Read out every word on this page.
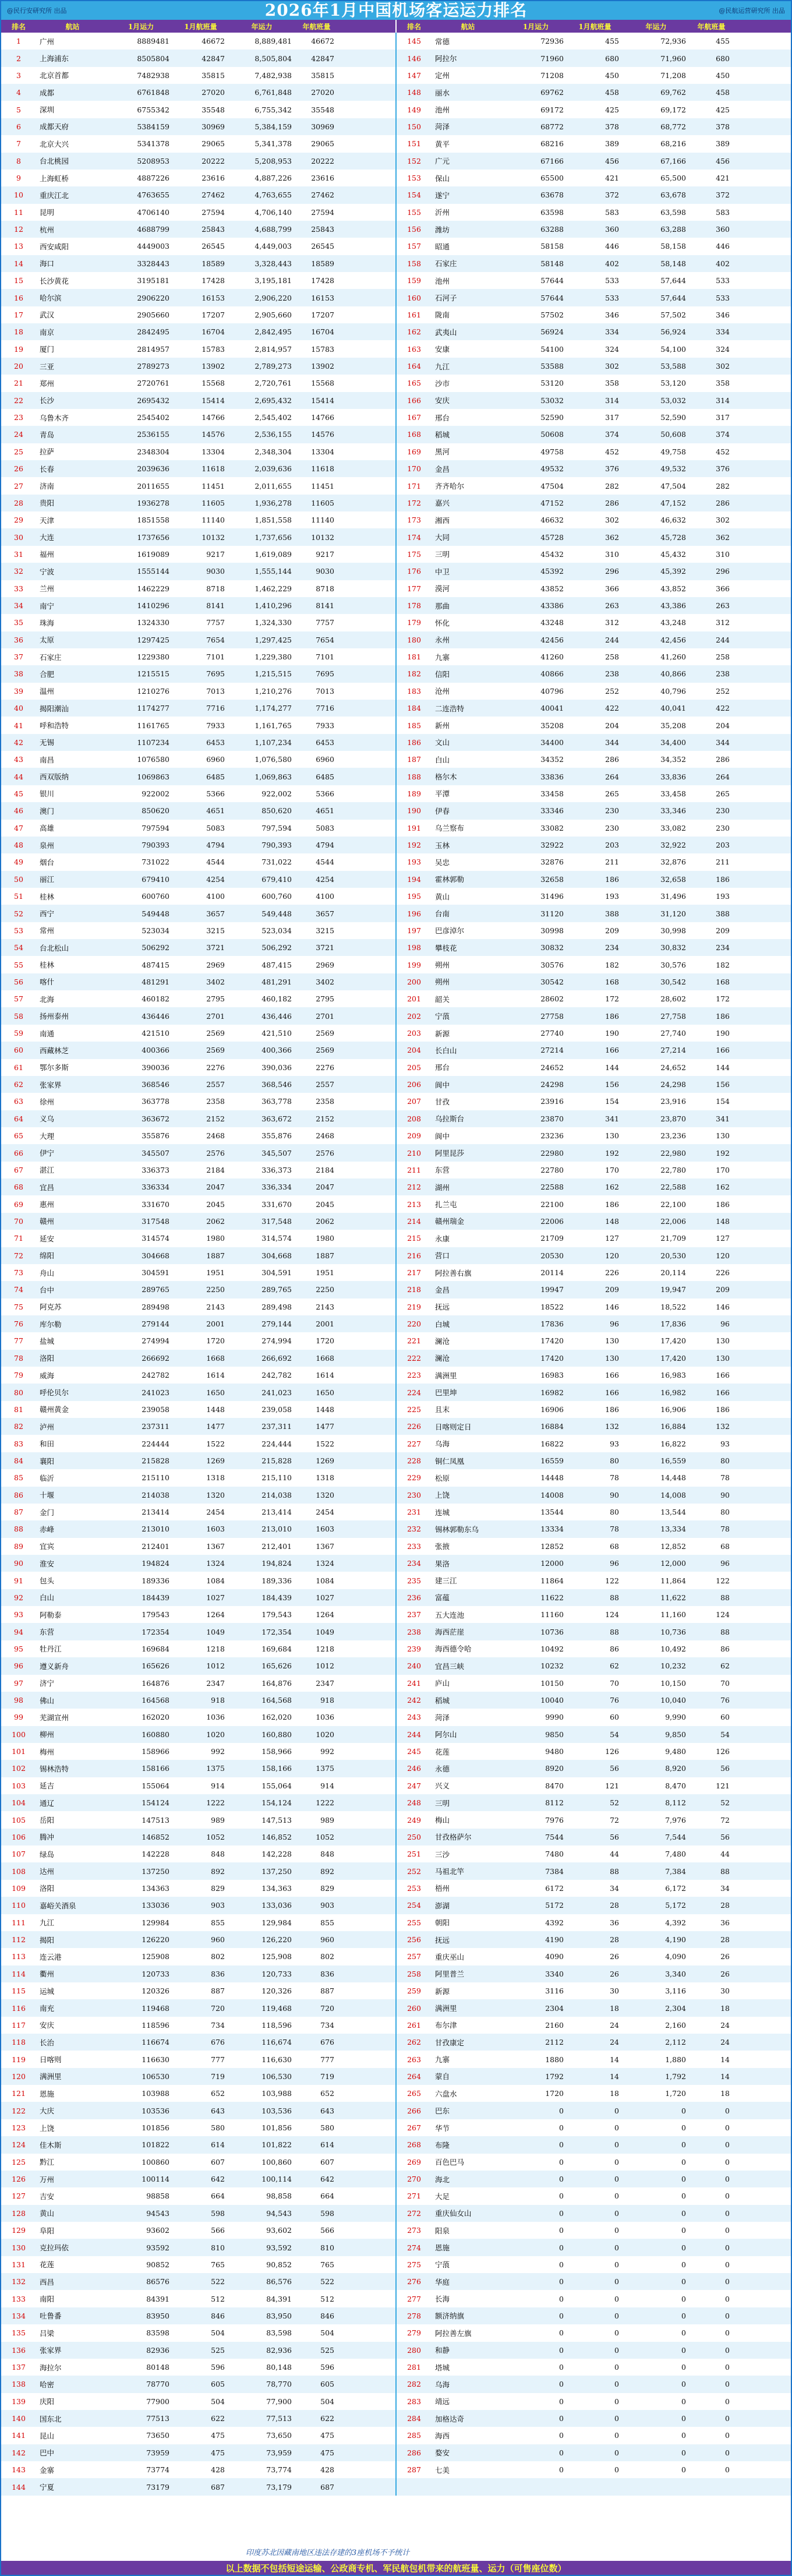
@民行安研究所 出品	2026年1月中国机场客运运力排名	@民航运营研究所 出品
排名	航站	1月运力	1月航班量	年运力	年航班量	排名	航站	1月运力	1月航班量	年运力	年航班量
1	广州	8889481	46672	8,889,481	46672	145	常德	72936	455	72,936	455
2	上海浦东	8505804	42847	8,505,804	42847	146	阿拉尔	71960	680	71,960	680
3	北京首都	7482938	35815	7,482,938	35815	147	定州	71208	450	71,208	450
4	成都	6761848	27020	6,761,848	27020	148	丽水	69762	458	69,762	458
5	深圳	6755342	35548	6,755,342	35548	149	池州	69172	425	69,172	425
6	成都天府	5384159	30969	5,384,159	30969	150	菏泽	68772	378	68,772	378
7	北京大兴	5341378	29065	5,341,378	29065	151	黄平	68216	389	68,216	389
8	台北桃园	5208953	20222	5,208,953	20222	152	广元	67166	456	67,166	456
9	上海虹桥	4887226	23616	4,887,226	23616	153	保山	65500	421	65,500	421
10	重庆江北	4763655	27462	4,763,655	27462	154	遂宁	63678	372	63,678	372
11	昆明	4706140	27594	4,706,140	27594	155	沂州	63598	583	63,598	583
12	杭州	4688799	25843	4,688,799	25843	156	潍坊	63288	360	63,288	360
13	西安咸阳	4449003	26545	4,449,003	26545	157	昭通	58158	446	58,158	446
14	海口	3328443	18589	3,328,443	18589	158	石家庄	58148	402	58,148	402
15	长沙黄花	3195181	17428	3,195,181	17428	159	池州	57644	533	57,644	533
16	哈尔滨	2906220	16153	2,906,220	16153	160	石河子	57644	533	57,644	533
17	武汉	2905660	17207	2,905,660	17207	161	陇南	57502	346	57,502	346
18	南京	2842495	16704	2,842,495	16704	162	武夷山	56924	334	56,924	334
19	厦门	2814957	15783	2,814,957	15783	163	安康	54100	324	54,100	324
20	三亚	2789273	13902	2,789,273	13902	164	九江	53588	302	53,588	302
21	郑州	2720761	15568	2,720,761	15568	165	沙市	53120	358	53,120	358
22	长沙	2695432	15414	2,695,432	15414	166	安庆	53032	314	53,032	314
23	乌鲁木齐	2545402	14766	2,545,402	14766	167	邢台	52590	317	52,590	317
24	青岛	2536155	14576	2,536,155	14576	168	稻城	50608	374	50,608	374
25	拉萨	2348304	13304	2,348,304	13304	169	黑河	49758	452	49,758	452
26	长春	2039636	11618	2,039,636	11618	170	金昌	49532	376	49,532	376
27	济南	2011655	11451	2,011,655	11451	171	齐齐哈尔	47504	282	47,504	282
28	贵阳	1936278	11605	1,936,278	11605	172	嘉兴	47152	286	47,152	286
29	天津	1851558	11140	1,851,558	11140	173	湘西	46632	302	46,632	302
30	大连	1737656	10132	1,737,656	10132	174	大同	45728	362	45,728	362
31	福州	1619089	9217	1,619,089	9217	175	三明	45432	310	45,432	310
32	宁波	1555144	9030	1,555,144	9030	176	中卫	45392	296	45,392	296
33	兰州	1462229	8718	1,462,229	8718	177	漠河	43852	366	43,852	366
34	南宁	1410296	8141	1,410,296	8141	178	那曲	43386	263	43,386	263
35	珠海	1324330	7757	1,324,330	7757	179	怀化	43248	312	43,248	312
36	太原	1297425	7654	1,297,425	7654	180	永州	42456	244	42,456	244
37	石家庄	1229380	7101	1,229,380	7101	181	九寨	41260	258	41,260	258
38	合肥	1215515	7695	1,215,515	7695	182	信阳	40866	238	40,866	238
39	温州	1210276	7013	1,210,276	7013	183	沧州	40796	252	40,796	252
40	揭阳潮汕	1174277	7716	1,174,277	7716	184	二连浩特	40041	422	40,041	422
41	呼和浩特	1161765	7933	1,161,765	7933	185	新州	35208	204	35,208	204
42	无锡	1107234	6453	1,107,234	6453	186	文山	34400	344	34,400	344
43	南昌	1076580	6960	1,076,580	6960	187	白山	34352	286	34,352	286
44	西双版纳	1069863	6485	1,069,863	6485	188	格尔木	33836	264	33,836	264
45	银川	922002	5366	922,002	5366	189	平潭	33458	265	33,458	265
46	澳门	850620	4651	850,620	4651	190	伊春	33346	230	33,346	230
47	高雄	797594	5083	797,594	5083	191	乌兰察布	33082	230	33,082	230
48	泉州	790393	4794	790,393	4794	192	玉林	32922	203	32,922	203
49	烟台	731022	4544	731,022	4544	193	吴忠	32876	211	32,876	211
50	丽江	679410	4254	679,410	4254	194	霍林郭勒	32658	186	32,658	186
51	桂林	600760	4100	600,760	4100	195	黄山	31496	193	31,496	193
52	西宁	549448	3657	549,448	3657	196	台南	31120	388	31,120	388
53	常州	523034	3215	523,034	3215	197	巴彦淖尔	30998	209	30,998	209
54	台北松山	506292	3721	506,292	3721	198	攀枝花	30832	234	30,832	234
55	桂林	487415	2969	487,415	2969	199	朔州	30576	182	30,576	182
56	喀什	481291	3402	481,291	3402	200	朔州	30542	168	30,542	168
57	北海	460182	2795	460,182	2795	201	韶关	28602	172	28,602	172
58	扬州泰州	436446	2701	436,446	2701	202	宁蒗	27758	186	27,758	186
59	南通	421510	2569	421,510	2569	203	新源	27740	190	27,740	190
60	西藏林芝	400366	2569	400,366	2569	204	长白山	27214	166	27,214	166
61	鄂尔多斯	390036	2276	390,036	2276	205	邢台	24652	144	24,652	144
62	张家界	368546	2557	368,546	2557	206	阆中	24298	156	24,298	156
63	徐州	363778	2358	363,778	2358	207	甘孜	23916	154	23,916	154
64	义乌	363672	2152	363,672	2152	208	乌拉斯台	23870	341	23,870	341
65	大理	355876	2468	355,876	2468	209	阆中	23236	130	23,236	130
66	伊宁	345507	2576	345,507	2576	210	阿里昆莎	22980	192	22,980	192
67	湛江	336373	2184	336,373	2184	211	东营	22780	170	22,780	170
68	宜昌	336334	2047	336,334	2047	212	湖州	22588	162	22,588	162
69	惠州	331670	2045	331,670	2045	213	扎兰屯	22100	186	22,100	186
70	赣州	317548	2062	317,548	2062	214	赣州瑞金	22006	148	22,006	148
71	延安	314574	1980	314,574	1980	215	永康	21709	127	21,709	127
72	绵阳	304668	1887	304,668	1887	216	营口	20530	120	20,530	120
73	舟山	304591	1951	304,591	1951	217	阿拉善右旗	20114	226	20,114	226
74	台中	289765	2250	289,765	2250	218	金昌	19947	209	19,947	209
75	阿克苏	289498	2143	289,498	2143	219	抚远	18522	146	18,522	146
76	库尔勒	279144	2001	279,144	2001	220	白城	17836	96	17,836	96
77	盐城	274994	1720	274,994	1720	221	澜沧	17420	130	17,420	130
78	洛阳	266692	1668	266,692	1668	222	澜沧	17420	130	17,420	130
79	威海	242782	1614	242,782	1614	223	满洲里	16983	166	16,983	166
80	呼伦贝尔	241023	1650	241,023	1650	224	巴里坤	16982	166	16,982	166
81	赣州黄金	239058	1448	239,058	1448	225	且末	16906	186	16,906	186
82	泸州	237311	1477	237,311	1477	226	日喀则定日	16884	132	16,884	132
83	和田	224444	1522	224,444	1522	227	乌海	16822	93	16,822	93
84	襄阳	215828	1269	215,828	1269	228	铜仁凤凰	16559	80	16,559	80
85	临沂	215110	1318	215,110	1318	229	松原	14448	78	14,448	78
86	十堰	214038	1320	214,038	1320	230	上饶	14008	90	14,008	90
87	金门	213414	2454	213,414	2454	231	连城	13544	80	13,544	80
88	赤峰	213010	1603	213,010	1603	232	锡林郭勒东乌	13334	78	13,334	78
89	宜宾	212401	1367	212,401	1367	233	张掖	12852	68	12,852	68
90	淮安	194824	1324	194,824	1324	234	果洛	12000	96	12,000	96
91	包头	189336	1084	189,336	1084	235	建三江	11864	122	11,864	122
92	白山	184439	1027	184,439	1027	236	富蕴	11622	88	11,622	88
93	阿勒泰	179543	1264	179,543	1264	237	五大连池	11160	124	11,160	124
94	东营	172354	1049	172,354	1049	238	海西茫崖	10736	88	10,736	88
95	牡丹江	169684	1218	169,684	1218	239	海西德令哈	10492	86	10,492	86
96	遵义新舟	165626	1012	165,626	1012	240	宜昌三峡	10232	62	10,232	62
97	济宁	164876	2347	164,876	2347	241	庐山	10150	70	10,150	70
98	佛山	164568	918	164,568	918	242	稻城	10040	76	10,040	76
99	芜湖宣州	162020	1036	162,020	1036	243	菏泽	9990	60	9,990	60
100	柳州	160880	1020	160,880	1020	244	阿尔山	9850	54	9,850	54
101	梅州	158966	992	158,966	992	245	花莲	9480	126	9,480	126
102	锡林浩特	158166	1375	158,166	1375	246	永德	8920	56	8,920	56
103	延吉	155064	914	155,064	914	247	兴义	8470	121	8,470	121
104	通辽	154124	1222	154,124	1222	248	三明	8112	52	8,112	52
105	岳阳	147513	989	147,513	989	249	梅山	7976	72	7,976	72
106	腾冲	146852	1052	146,852	1052	250	甘孜格萨尔	7544	56	7,544	56
107	绿岛	142228	848	142,228	848	251	三沙	7480	44	7,480	44
108	达州	137250	892	137,250	892	252	马祖北竿	7384	88	7,384	88
109	洛阳	134363	829	134,363	829	253	梧州	6172	34	6,172	34
110	嘉峪关酒泉	133036	903	133,036	903	254	澎湖	5172	28	5,172	28
111	九江	129984	855	129,984	855	255	朝阳	4392	36	4,392	36
112	揭阳	126220	960	126,220	960	256	抚远	4190	28	4,190	28
113	连云港	125908	802	125,908	802	257	重庆巫山	4090	26	4,090	26
114	衢州	120733	836	120,733	836	258	阿里普兰	3340	26	3,340	26
115	运城	120326	887	120,326	887	259	新源	3116	30	3,116	30
116	南充	119468	720	119,468	720	260	满洲里	2304	18	2,304	18
117	安庆	118596	734	118,596	734	261	布尔津	2160	24	2,160	24
118	长治	116674	676	116,674	676	262	甘孜康定	2112	24	2,112	24
119	日喀则	116630	777	116,630	777	263	九寨	1880	14	1,880	14
120	满洲里	106530	719	106,530	719	264	蒙自	1792	14	1,792	14
121	恩施	103988	652	103,988	652	265	六盘水	1720	18	1,720	18
122	大庆	103536	643	103,536	643	266	巴东	0	0	0	0
123	上饶	101856	580	101,856	580	267	华节	0	0	0	0
124	佳木斯	101822	614	101,822	614	268	布隆	0	0	0	0
125	黔江	100860	607	100,860	607	269	百色巴马	0	0	0	0
126	万州	100114	642	100,114	642	270	海北	0	0	0	0
127	吉安	98858	664	98,858	664	271	大足	0	0	0	0
128	黄山	94543	598	94,543	598	272	重庆仙女山	0	0	0	0
129	阜阳	93602	566	93,602	566	273	阳泉	0	0	0	0
130	克拉玛依	93592	810	93,592	810	274	恩施	0	0	0	0
131	花莲	90852	765	90,852	765	275	宁蒗	0	0	0	0
132	西昌	86576	522	86,576	522	276	华庭	0	0	0	0
133	南阳	84391	512	84,391	512	277	长海	0	0	0	0
134	吐鲁番	83950	846	83,950	846	278	额济纳旗	0	0	0	0
135	吕梁	83598	504	83,598	504	279	阿拉善左旗	0	0	0	0
136	张家界	82936	525	82,936	525	280	和静	0	0	0	0
137	海拉尔	80148	596	80,148	596	281	塔城	0	0	0	0
138	哈密	78770	605	78,770	605	282	乌海	0	0	0	0
139	庆阳	77900	504	77,900	504	283	靖远	0	0	0	0
140	国东北	77513	622	77,513	622	284	加格达奇	0	0	0	0
141	昆山	73650	475	73,650	475	285	海西	0	0	0	0
142	巴中	73959	475	73,959	475	286	婺安	0	0	0	0
143	金寨	73774	428	73,774	428	287	七美	0	0	0	0
144	宁夏	73179	687	73,179	687
印度苏北因藏南地区违法存建的3座机场不予统计
以上数据不包括短途运输、公政商专机、军民航包机带来的航班量、运力（可售座位数）
